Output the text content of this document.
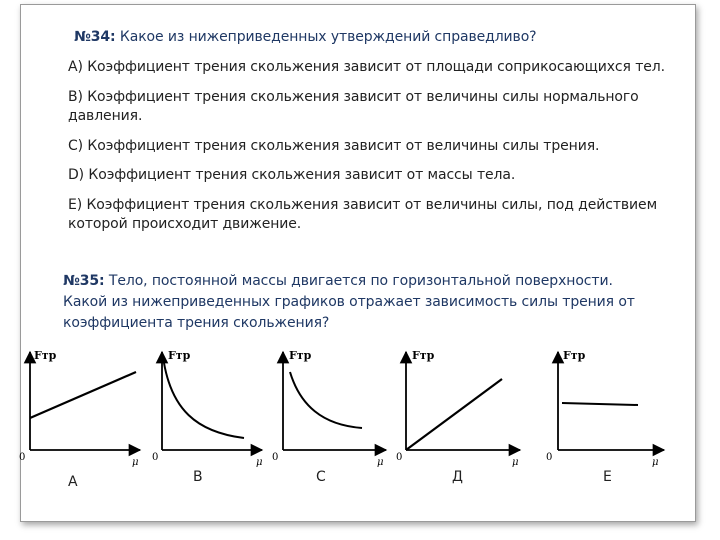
№34: Какое из нижеприведенных утверждений справедливо?
A) Коэффициент трения скольжения зависит от площади соприкосающихся тел.
B) Коэффициент трения скольжения зависит от величины силы нормального
давления.
C) Коэффициент трения скольжения зависит от величины силы трения.
D) Коэффициент трения скольжения зависит от массы тела.
E) Коэффициент трения скольжения зависит от величины силы, под действием
которой происходит движение.
№35: Тело, постоянной массы двигается по горизонтальной поверхности.
Какой из нижеприведенных графиков отражает зависимость силы трения от
коэффициента трения скольжения?
Fтр
0	μ
Fтр
0	μ
Fтр
0	μ
Fтр
0	μ
Fтр
0	μ
А	В	С	Д	Е
